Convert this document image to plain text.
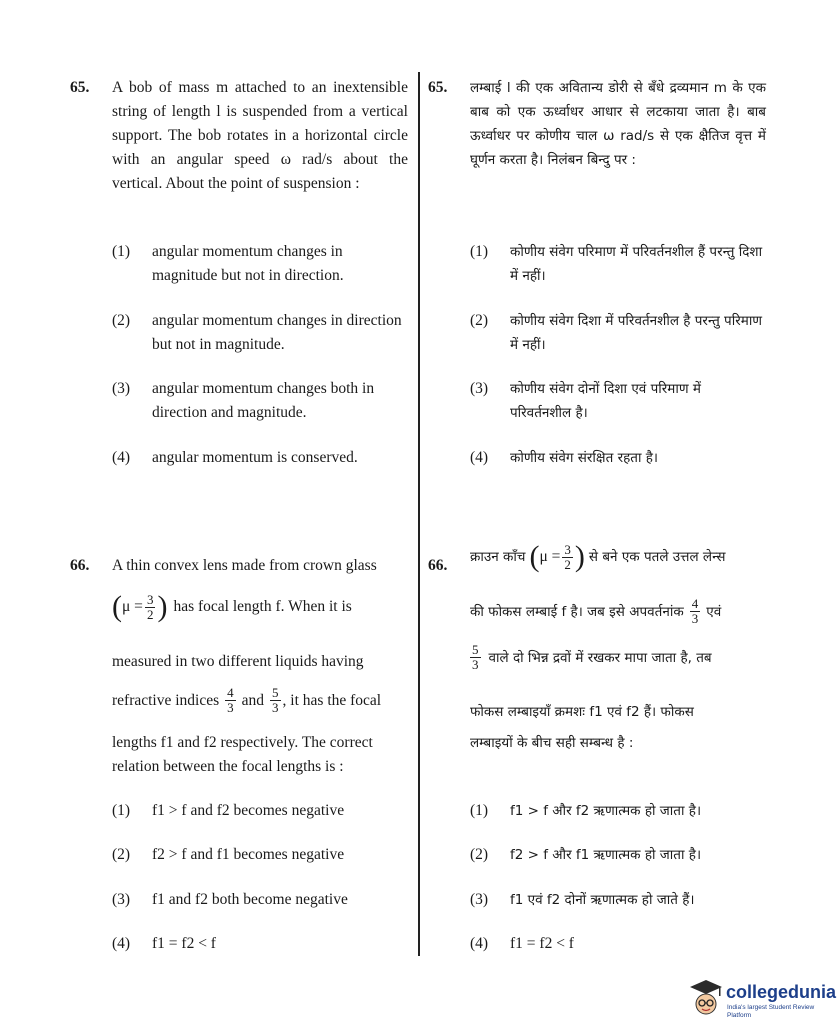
65. A bob of mass m attached to an inextensible string of length l is suspended from a vertical support. The bob rotates in a horizontal circle with an angular speed ω rad/s about the vertical. About the point of suspension :
(1)	angular momentum changes in magnitude but not in direction.
(2)	angular momentum changes in direction but not in magnitude.
(3)	angular momentum changes both in direction and magnitude.
(4)	angular momentum is conserved.
65. लम्बाई l की एक अवितान्य डोरी से बँधे द्रव्यमान m के एक बाब को एक ऊर्ध्वाधर आधार से लटकाया जाता है। बाब ऊर्ध्वाधर पर कोणीय चाल ω rad/s से एक क्षैतिज वृत्त में घूर्णन करता है। निलंबन बिन्दु पर :
(1)	कोणीय संवेग परिमाण में परिवर्तनशील हैं परन्तु दिशा में नहीं।
(2)	कोणीय संवेग दिशा में परिवर्तनशील है परन्तु परिमाण में नहीं।
(3)	कोणीय संवेग दोनों दिशा एवं परिमाण में परिवर्तनशील है।
(4)	कोणीय संवेग संरक्षित रहता है।
66. A thin convex lens made from crown glass
( $\mu = \frac{3}{2}$ ) has focal length f. When it is
measured in two different liquids having
refractive indices $\frac{4}{3}$ and $\frac{5}{3}$ , it has the focal
lengths f1 and f2 respectively. The correct
relation between the focal lengths is :
(1)	f1 > f and f2 becomes negative
(2)	f2 > f and f1 becomes negative
(3)	f1 and f2 both become negative
(4)	f1 = f2 < f
66. क्राउन काँच ( $\mu = \frac{3}{2}$ ) से बने एक पतले उत्तल लेन्स
की फोकस लम्बाई f है। जब इसे अपवर्तनांक $\frac{4}{3}$ एवं
$\frac{5}{3}$ वाले दो भिन्न द्रवों में रखकर मापा जाता है, तब
फोकस लम्बाइयाँ क्रमशः f1 एवं f2 हैं। फोकस
लम्बाइयों के बीच सही सम्बन्ध है :
(1)	f1 > f और f2 ऋणात्मक हो जाता है।
(2)	f2 > f और f1 ऋणात्मक हो जाता है।
(3)	f1 एवं f2 दोनों ऋणात्मक हो जाते हैं।
(4)	f1 = f2 < f
collegedunia
India's largest Student Review Platform
